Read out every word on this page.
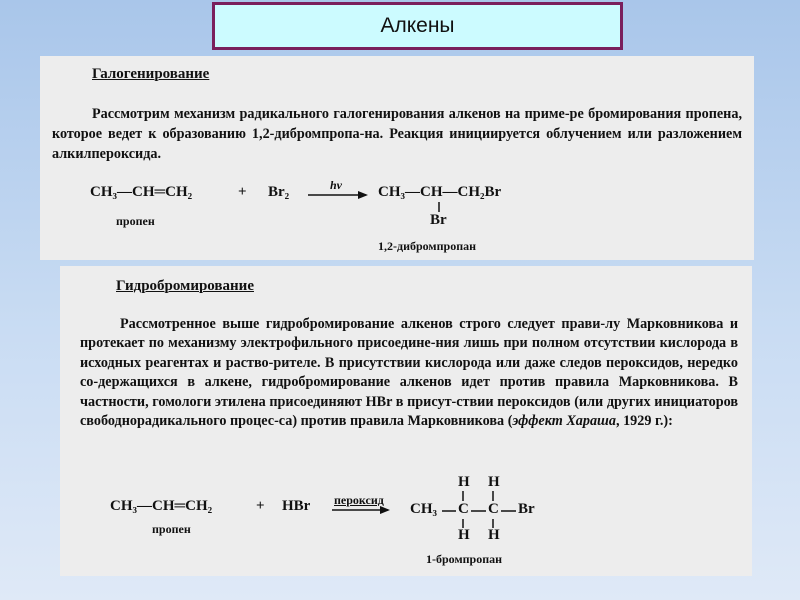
Алкены
Галогенирование

Рассмотрим механизм радикального галогенирования алкенов на приме-ре бромирования пропена, которое ведет к образованию 1,2-дибромпропа-на. Реакция инициируется облучением или разложением алкилпероксида.

CH₃—CH═CH₂	+ Br₂	hv CH₃—CH—CH₂Br
Br
пропен
1,2-дибромпропан
Гидробромирование

Рассмотренное выше гидробромирование алкенов строго следует прави-лу Марковникова и протекает по механизму электрофильного присоедине-ния лишь при полном отсутствии кислорода в исходных реагентах и раство-рителе. В присутствии кислорода или даже следов пероксидов, нередко со-держащихся в алкене, гидробромирование алкенов идет против правила Марковникова. В частности, гомологи этилена присоединяют HBr в присут-ствии пероксидов (или других инициаторов свободнорадикального процес-са) против правила Марковникова (эффект Хараша, 1929 г.):

CH₃—CH═CH₂	+ HBr пероксид
H H
CH₃ C C Br
H H
пропен
1-бромпропан
